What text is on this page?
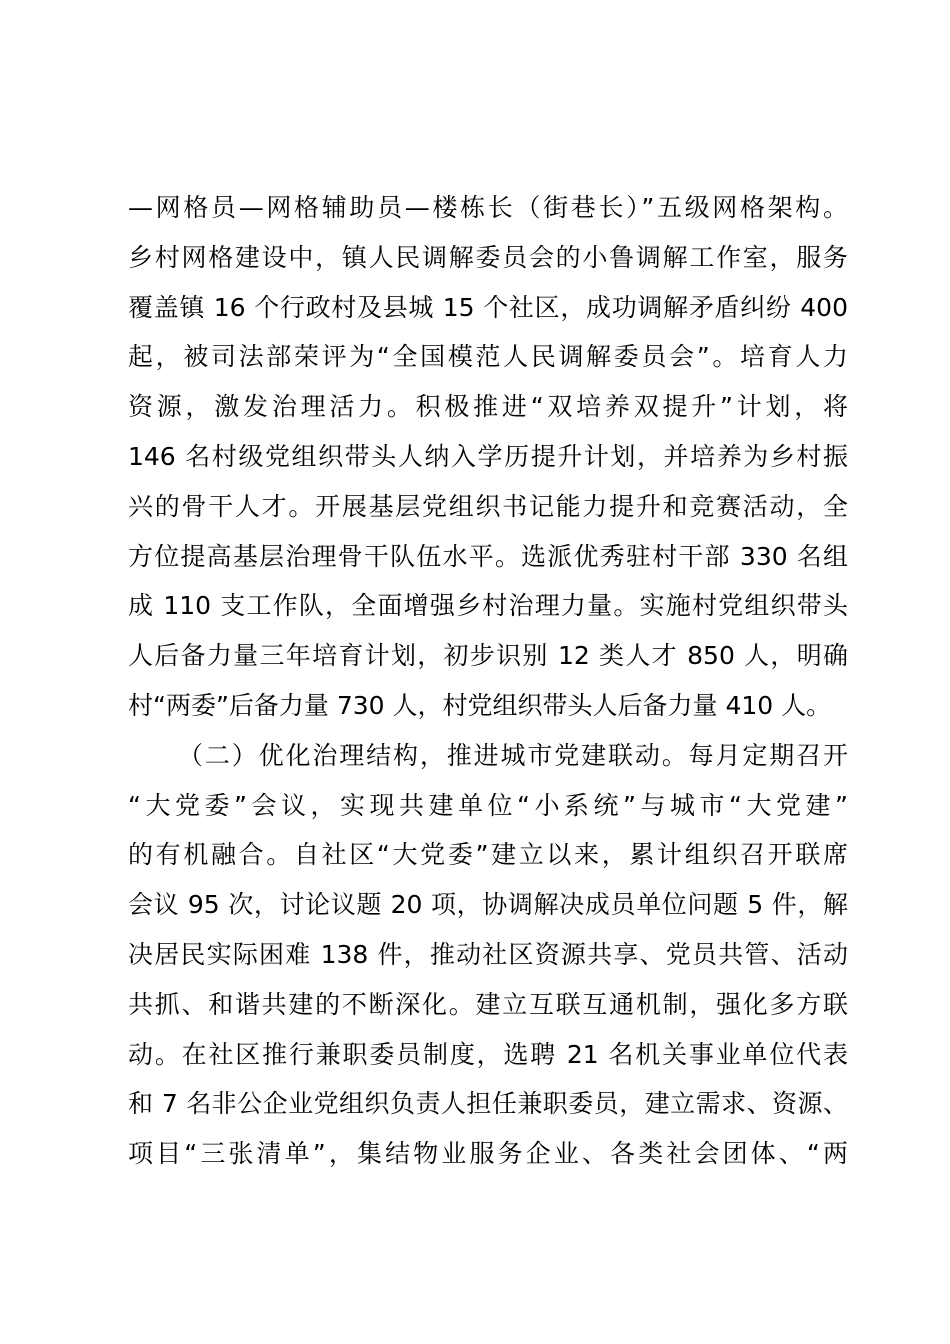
—网格员—网格辅助员—楼栋长（街巷长）”五级网格架构。
乡村网格建设中，镇人民调解委员会的小鲁调解工作室，服务
覆盖镇 16 个行政村及县城 15 个社区，成功调解矛盾纠纷 400
起，被司法部荣评为“全国模范人民调解委员会”。培育人力
资源，激发治理活力。积极推进“双培养双提升”计划，将
146 名村级党组织带头人纳入学历提升计划，并培养为乡村振
兴的骨干人才。开展基层党组织书记能力提升和竞赛活动，全
方位提高基层治理骨干队伍水平。选派优秀驻村干部 330 名组
成 110 支工作队，全面增强乡村治理力量。实施村党组织带头
人后备力量三年培育计划，初步识别 12 类人才 850 人，明确
村“两委”后备力量 730 人，村党组织带头人后备力量 410 人。
（二）优化治理结构，推进城市党建联动。每月定期召开
“大党委”会议，实现共建单位“小系统”与城市“大党建”
的有机融合。自社区“大党委”建立以来，累计组织召开联席
会议 95 次，讨论议题 20 项，协调解决成员单位问题 5 件，解
决居民实际困难 138 件，推动社区资源共享、党员共管、活动
共抓、和谐共建的不断深化。建立互联互通机制，强化多方联
动。在社区推行兼职委员制度，选聘 21 名机关事业单位代表
和 7 名非公企业党组织负责人担任兼职委员，建立需求、资源、
项目“三张清单”，集结物业服务企业、各类社会团体、“两
